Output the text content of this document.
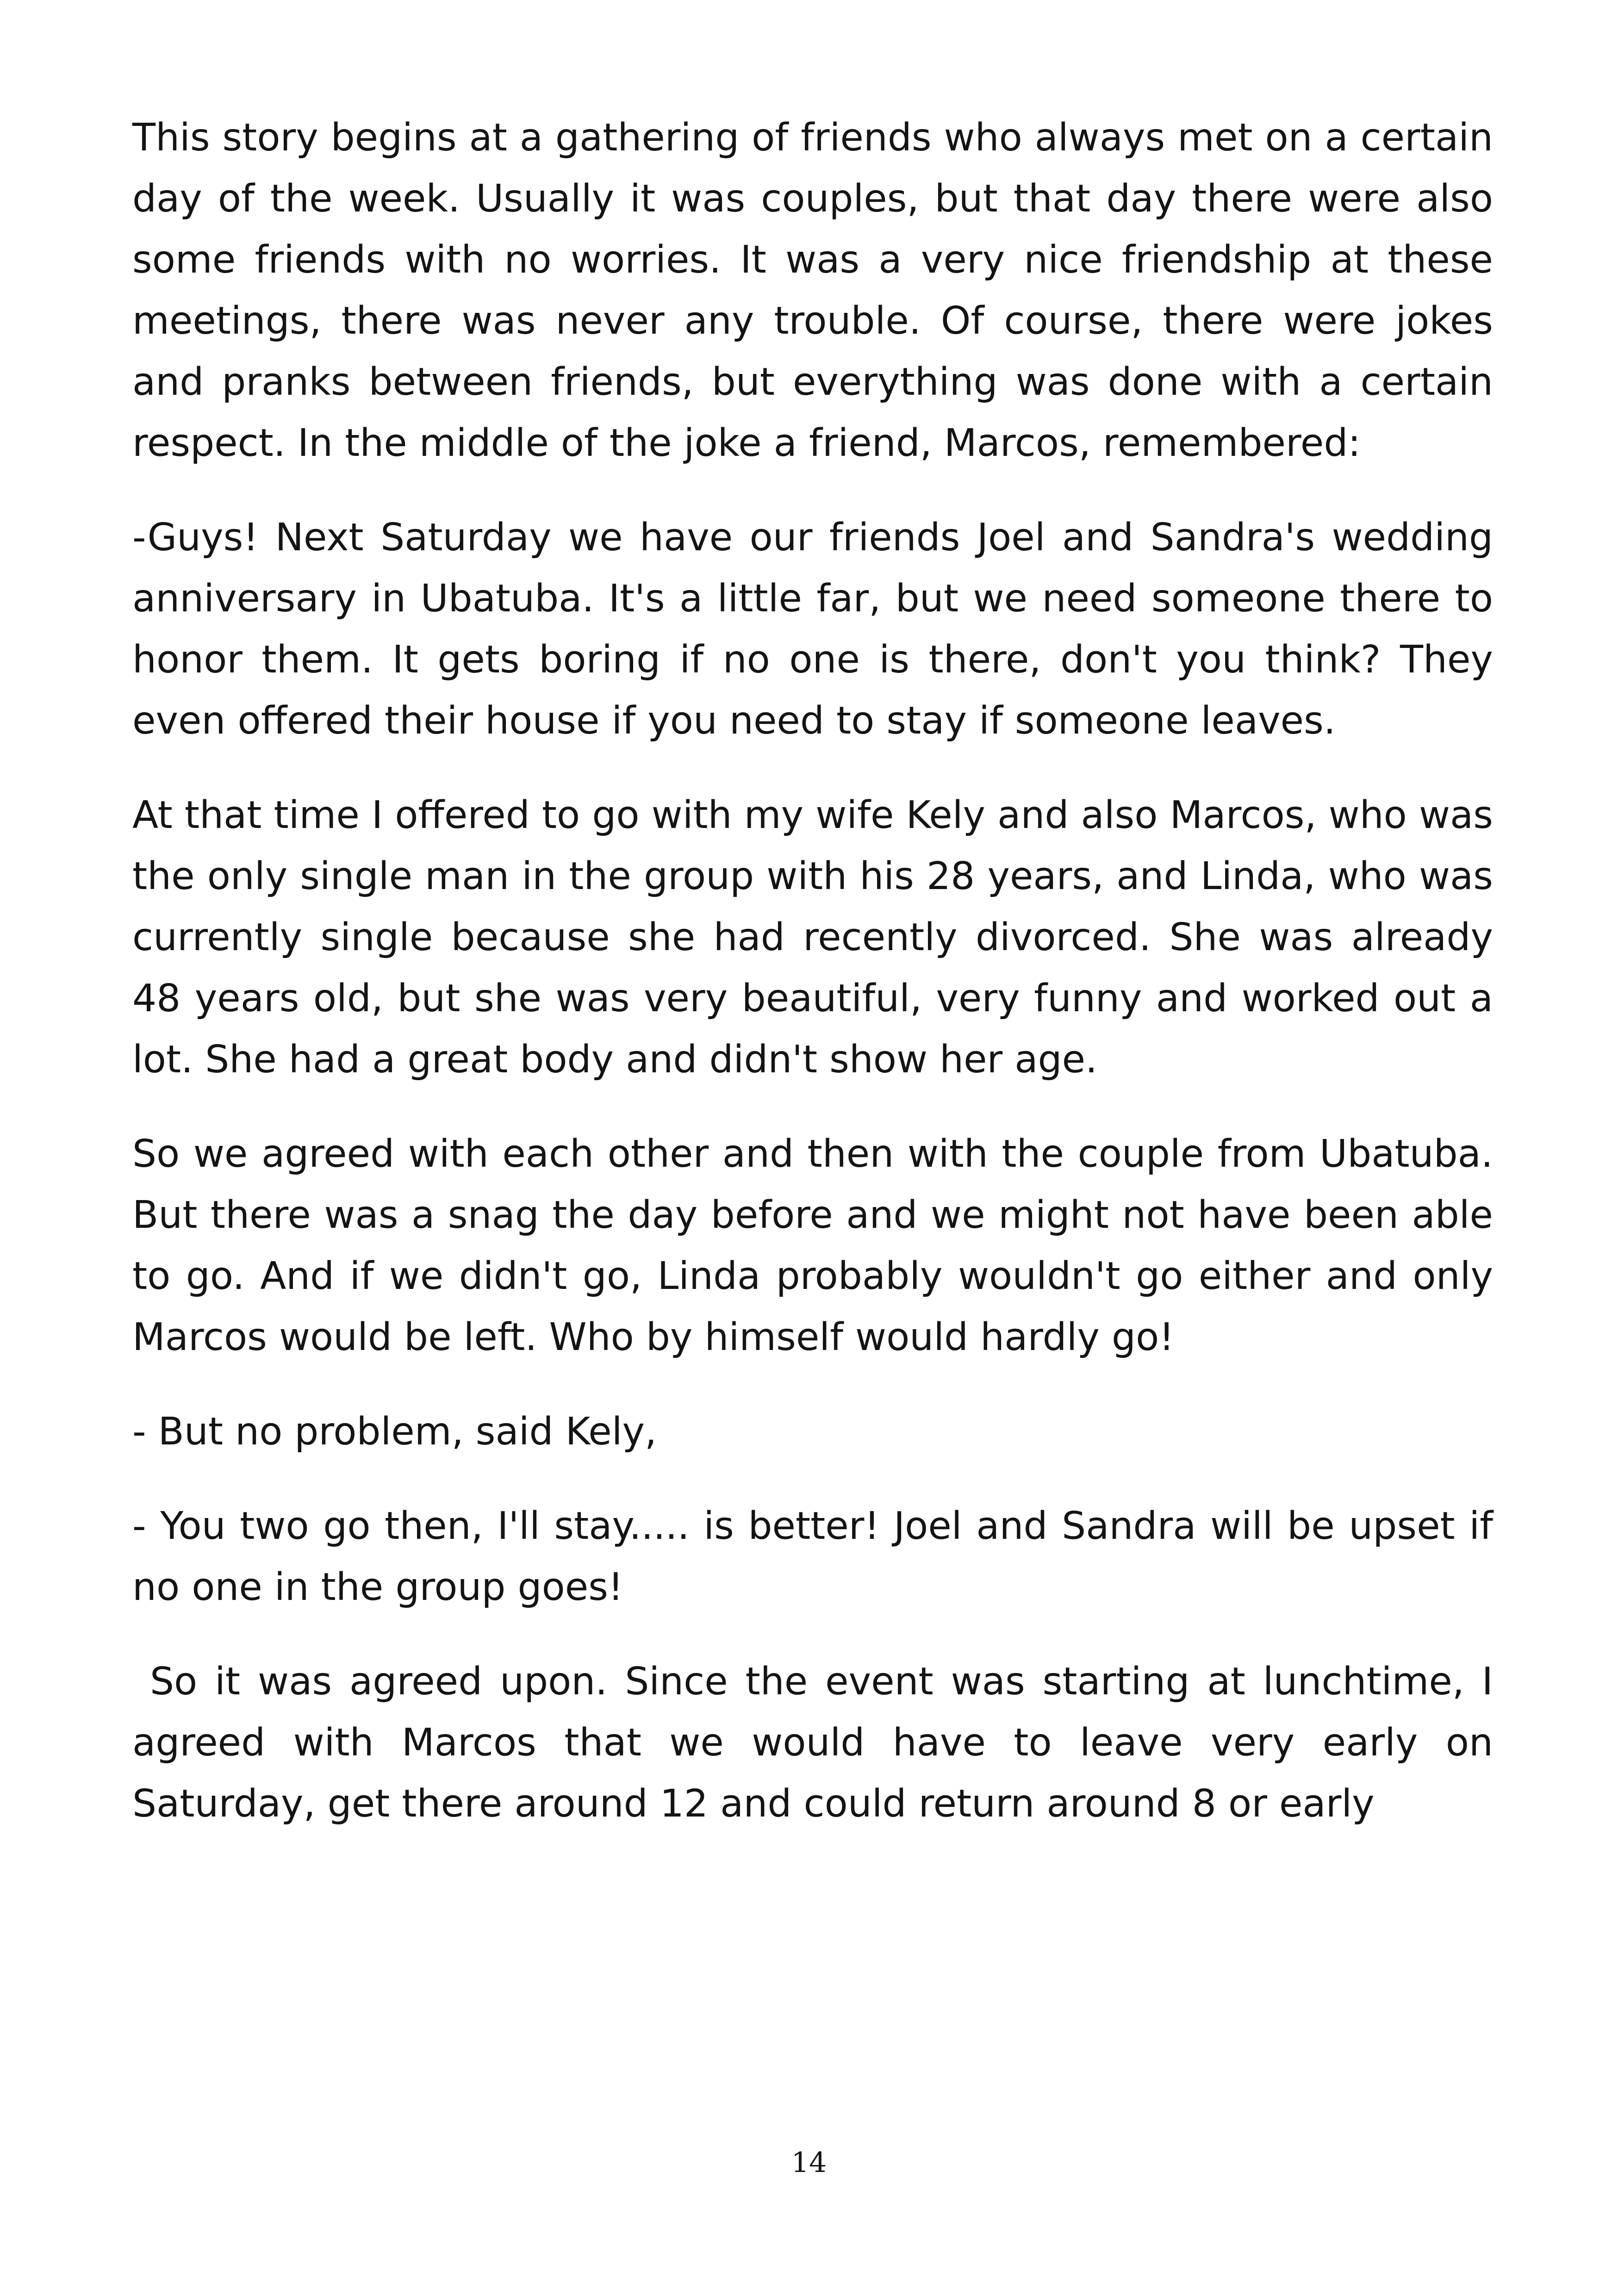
This story begins at a gathering of friends who always met on a certain day of the week. Usually it was couples, but that day there were also some friends with no worries. It was a very nice friendship at these meetings, there was never any trouble. Of course, there were jokes and pranks between friends, but everything was done with a certain respect. In the middle of the joke a friend, Marcos, remembered:

-Guys! Next Saturday we have our friends Joel and Sandra's wedding anniversary in Ubatuba. It's a little far, but we need someone there to honor them. It gets boring if no one is there, don't you think? They even offered their house if you need to stay if someone leaves.

At that time I offered to go with my wife Kely and also Marcos, who was the only single man in the group with his 28 years, and Linda, who was currently single because she had recently divorced. She was already 48 years old, but she was very beautiful, very funny and worked out a lot. She had a great body and didn't show her age.

So we agreed with each other and then with the couple from Ubatuba. But there was a snag the day before and we might not have been able to go. And if we didn't go, Linda probably wouldn't go either and only Marcos would be left. Who by himself would hardly go!

- But no problem, said Kely,

- You two go then, I'll stay..... is better! Joel and Sandra will be upset if no one in the group goes!

So it was agreed upon. Since the event was starting at lunchtime, I agreed with Marcos that we would have to leave very early on Saturday, get there around 12 and could return around 8 or early

14
